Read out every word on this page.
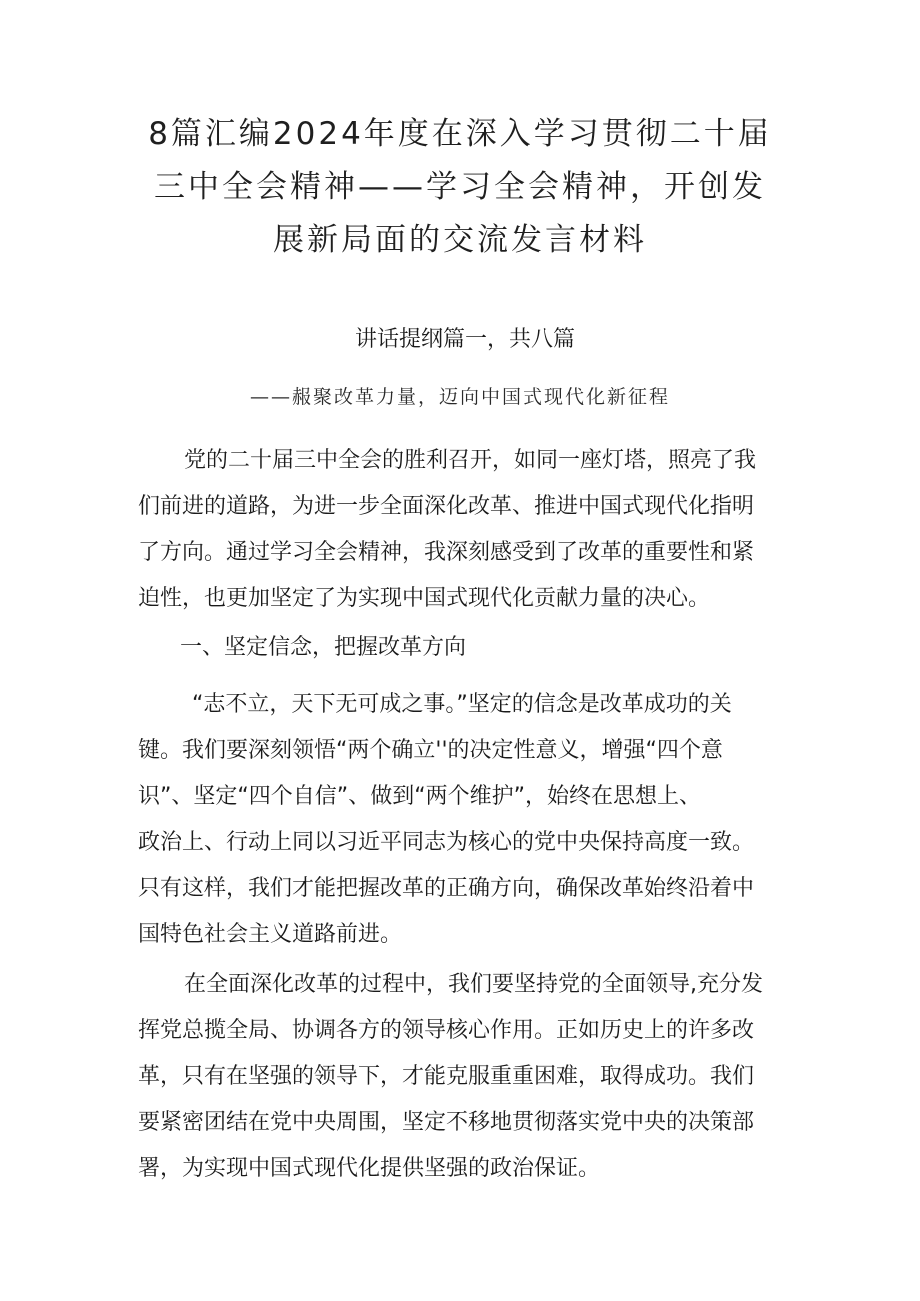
8篇汇编2024年度在深入学习贯彻二十届
三中全会精神——学习全会精神，开创发
展新局面的交流发言材料
讲话提纲篇一，共八篇
——赧聚改革力量，迈向中国式现代化新征程

党的二十届三中全会的胜利召开，如同一座灯塔，照亮了我
们前进的道路，为进一步全面深化改革、推进中国式现代化指明
了方向。通过学习全会精神，我深刻感受到了改革的重要性和紧
迫性，也更加坚定了为实现中国式现代化贡献力量的决心。

一、坚定信念，把握改革方向

“志不立，天下无可成之事。”坚定的信念是改革成功的关
键。我们要深刻领悟“两个确立''的决定性意义，增强“四个意
识”、坚定“四个自信”、做到“两个维护”，始终在思想上、
政治上、行动上同以习近平同志为核心的党中央保持高度一致。
只有这样，我们才能把握改革的正确方向，确保改革始终沿着中
国特色社会主义道路前进。

在全面深化改革的过程中，我们要坚持党的全面领导,充分发
挥党总揽全局、协调各方的领导核心作用。正如历史上的许多改
革，只有在坚强的领导下，才能克服重重困难，取得成功。我们
要紧密团结在党中央周围，坚定不移地贯彻落实党中央的决策部
署，为实现中国式现代化提供坚强的政治保证。
